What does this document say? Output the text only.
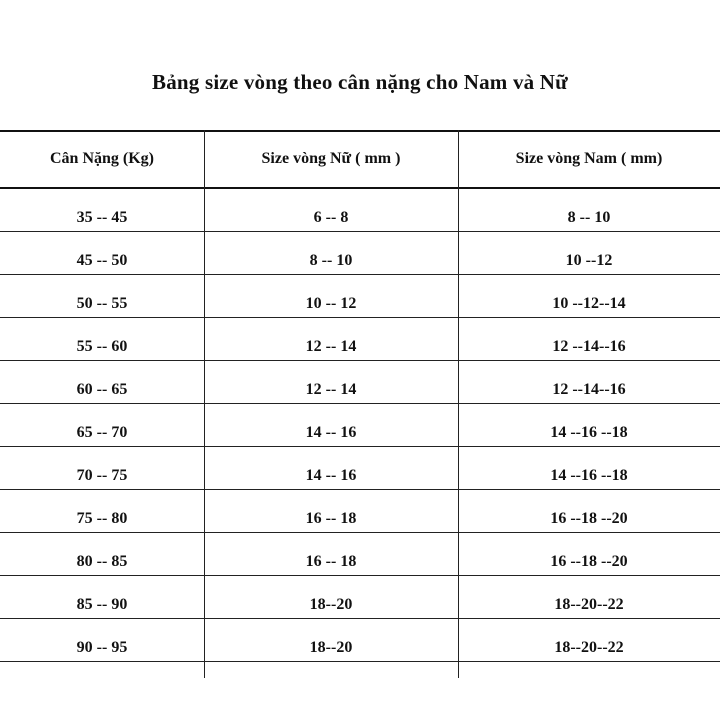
Bảng size vòng theo cân nặng cho Nam và Nữ
Cân Nặng (Kg)	Size vòng Nữ ( mm )	Size vòng Nam ( mm)
35 -- 45	6 -- 8	8 -- 10
45 -- 50	8 -- 10	10 --12
50 -- 55	10 -- 12	10 --12--14
55 -- 60	12 -- 14	12 --14--16
60 -- 65	12 -- 14	12 --14--16
65 -- 70	14 -- 16	14 --16 --18
70 -- 75	14 -- 16	14 --16 --18
75 -- 80	16 -- 18	16 --18 --20
80 -- 85	16 -- 18	16 --18 --20
85 -- 90	18--20	18--20--22
90 -- 95	18--20	18--20--22
